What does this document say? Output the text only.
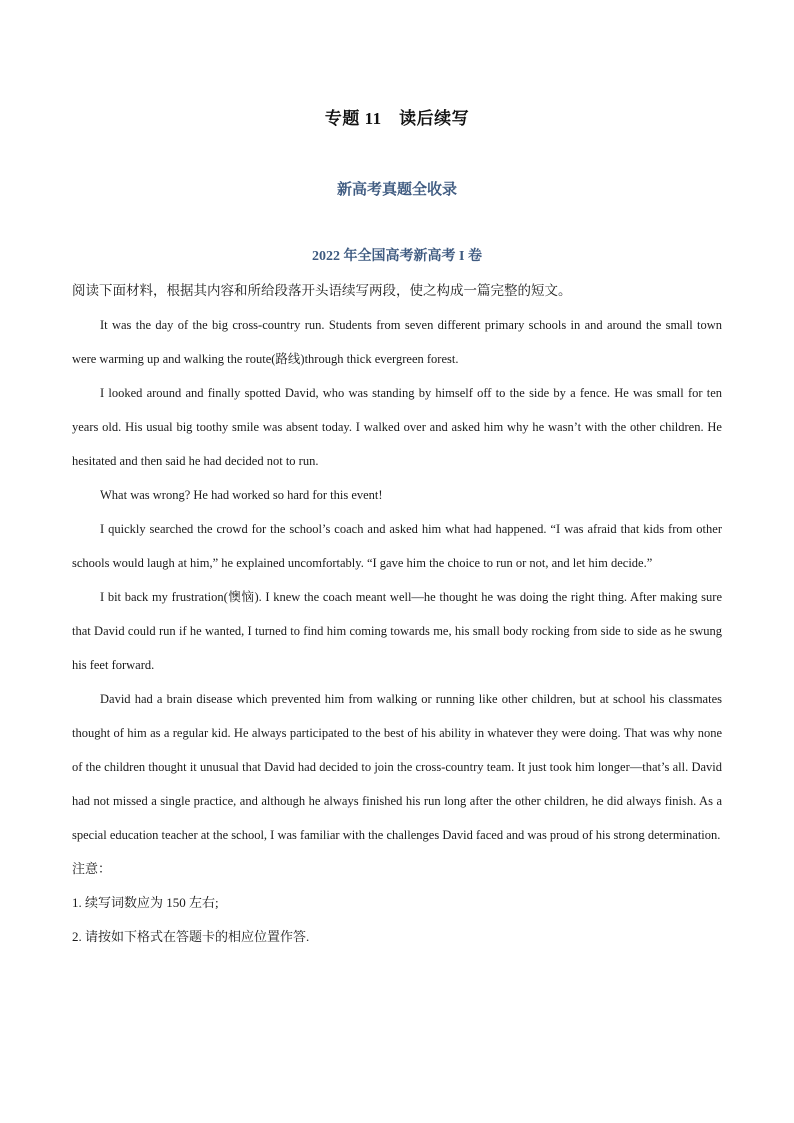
专题 11　读后续写
新高考真题全收录
2022 年全国高考新高考 I 卷

阅读下面材料，根据其内容和所给段落开头语续写两段，使之构成一篇完整的短文。

It was the day of the big cross-country run. Students from seven different primary schools in and around the small town were warming up and walking the route(路线)through thick evergreen forest.

I looked around and finally spotted David, who was standing by himself off to the side by a fence. He was small for ten years old. His usual big toothy smile was absent today. I walked over and asked him why he wasn’t with the other children. He hesitated and then said he had decided not to run.

What was wrong? He had worked so hard for this event!

I quickly searched the crowd for the school’s coach and asked him what had happened. “I was afraid that kids from other schools would laugh at him,” he explained uncomfortably. “I gave him the choice to run or not, and let him decide.”

I bit back my frustration(懊恼). I knew the coach meant well—he thought he was doing the right thing. After making sure that David could run if he wanted, I turned to find him coming towards me, his small body rocking from side to side as he swung his feet forward.

David had a brain disease which prevented him from walking or running like other children, but at school his classmates thought of him as a regular kid. He always participated to the best of his ability in whatever they were doing. That was why none of the children thought it unusual that David had decided to join the cross-country team. It just took him longer—that’s all. David had not missed a single practice, and although he always finished his run long after the other children, he did always finish. As a special education teacher at the school, I was familiar with the challenges David faced and was proud of his strong determination.

注意：

1. 续写词数应为 150 左右;

2. 请按如下格式在答题卡的相应位置作答.
